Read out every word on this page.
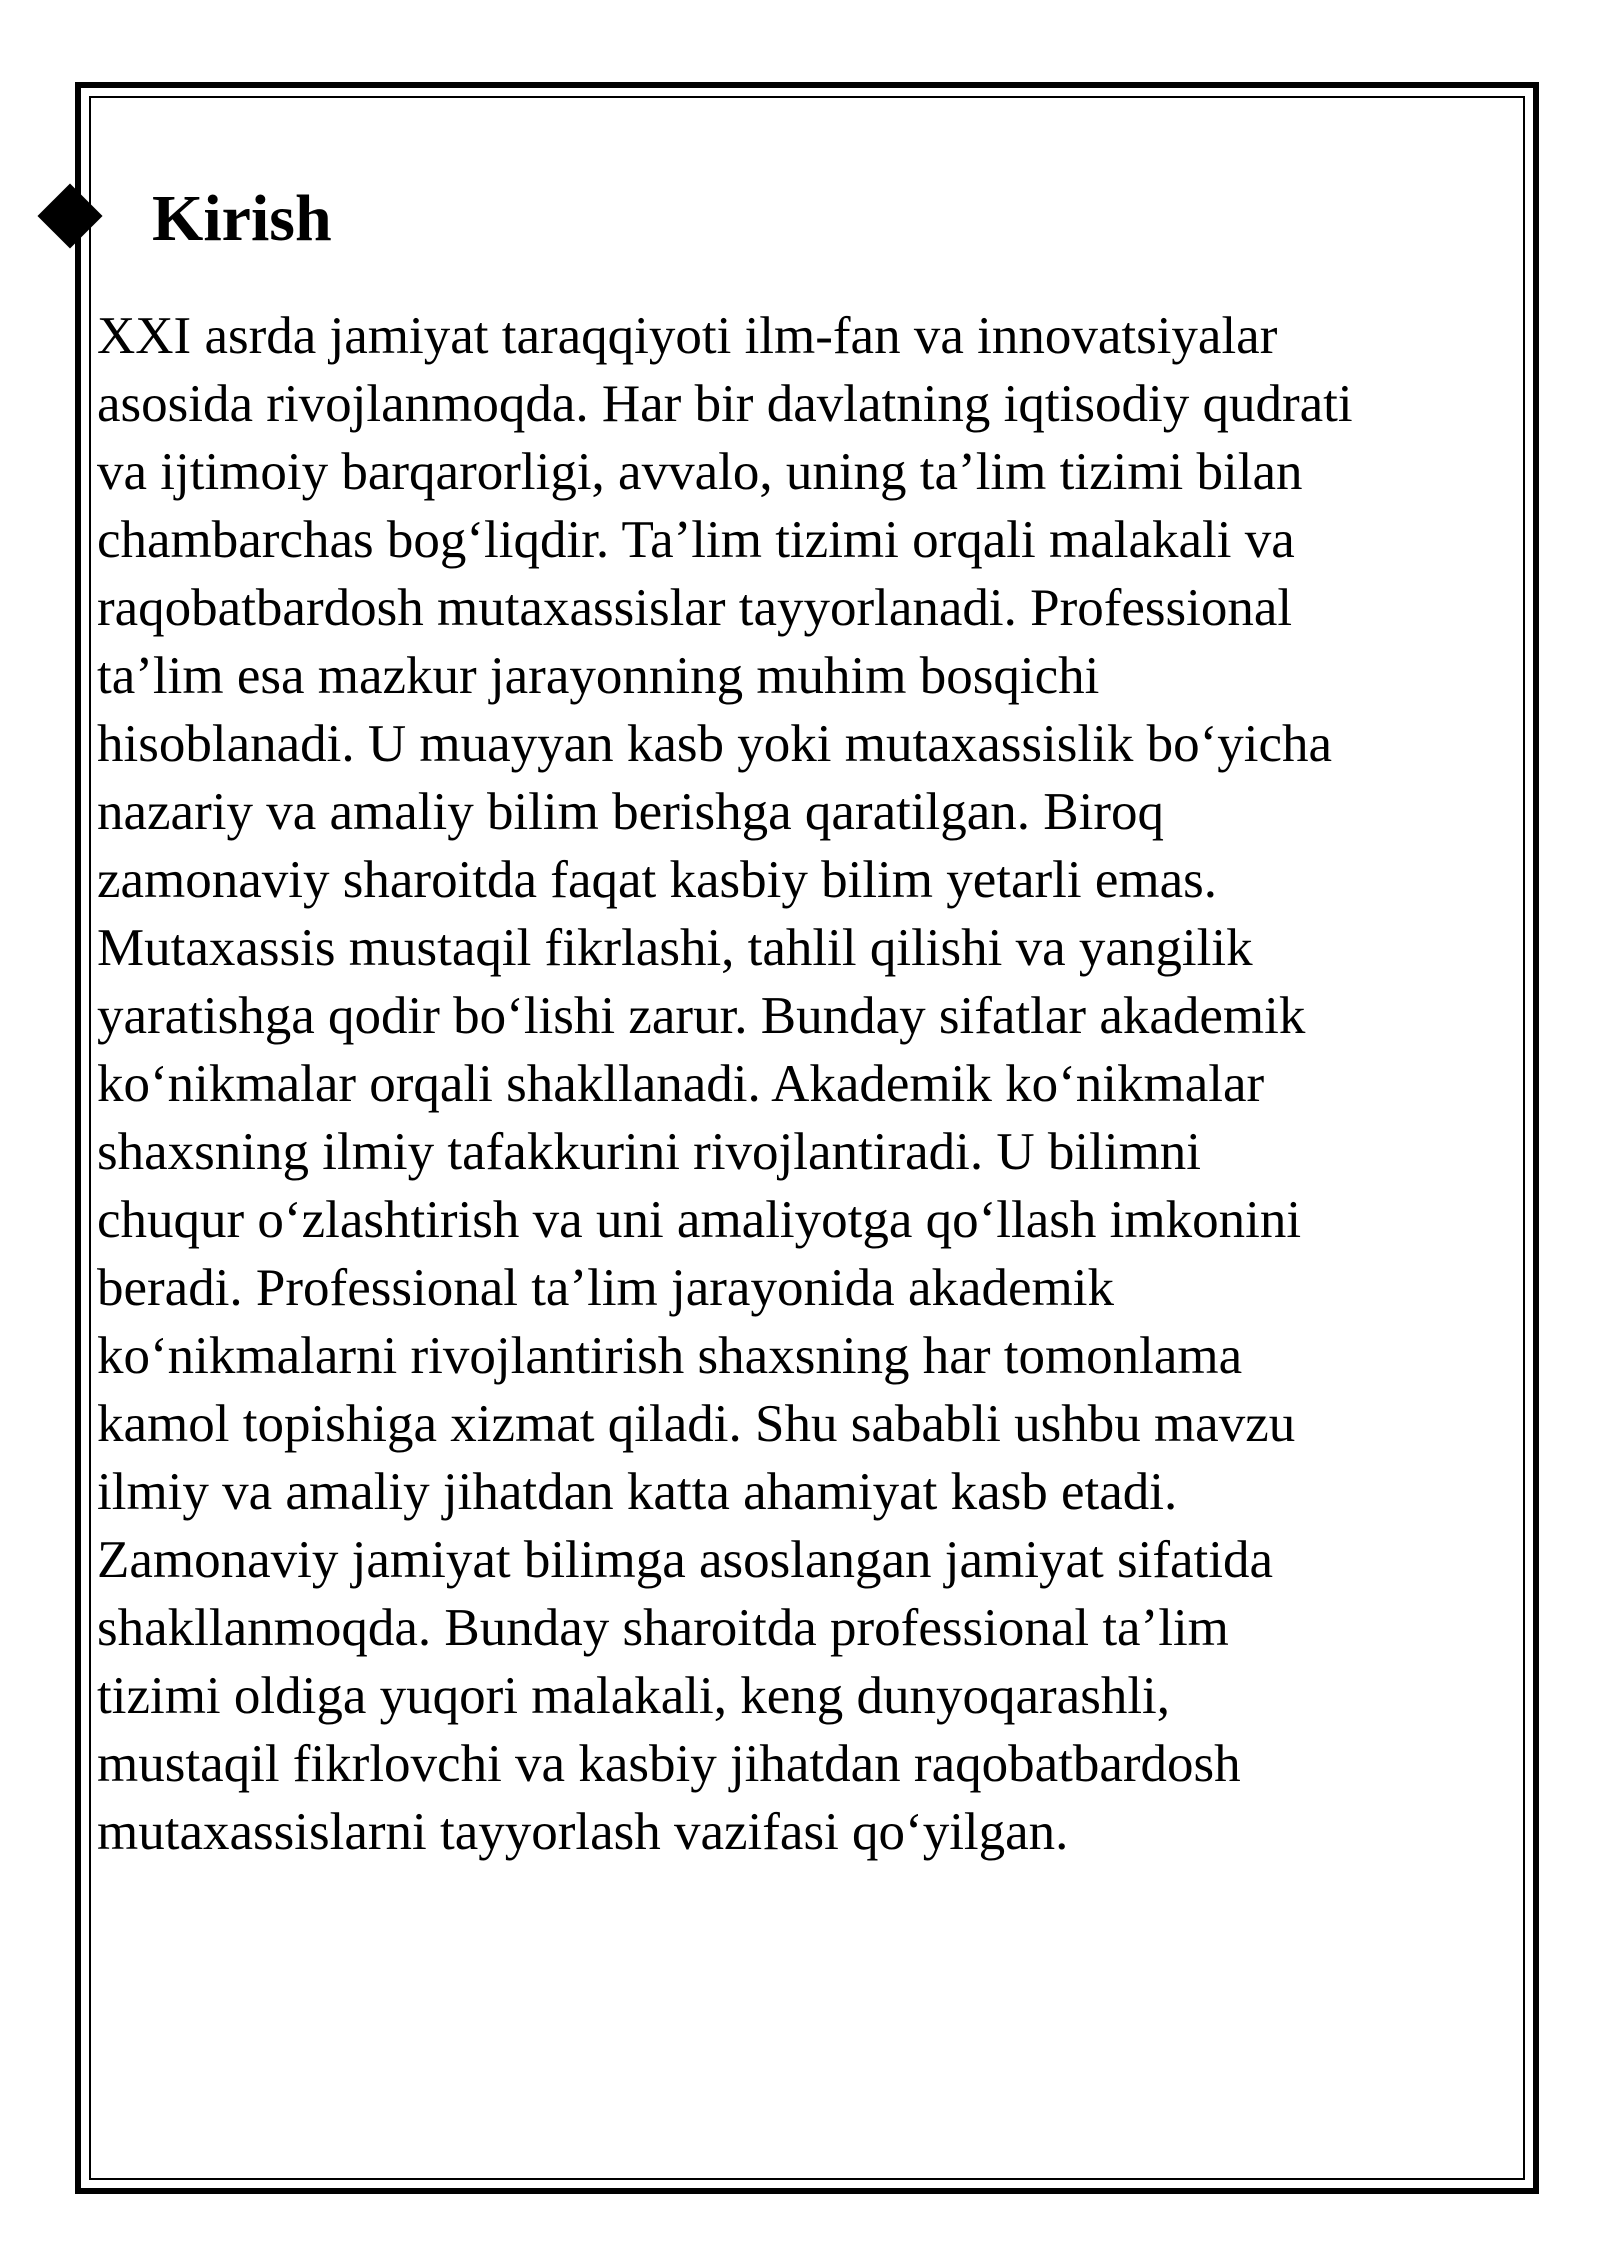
Kirish
XXI asrda jamiyat taraqqiyoti ilm-fan va innovatsiyalar
asosida rivojlanmoqda. Har bir davlatning iqtisodiy qudrati
va ijtimoiy barqarorligi, avvalo, uning ta’lim tizimi bilan
chambarchas bog‘liqdir. Ta’lim tizimi orqali malakali va
raqobatbardosh mutaxassislar tayyorlanadi. Professional
ta’lim esa mazkur jarayonning muhim bosqichi
hisoblanadi. U muayyan kasb yoki mutaxassislik bo‘yicha
nazariy va amaliy bilim berishga qaratilgan. Biroq
zamonaviy sharoitda faqat kasbiy bilim yetarli emas.
Mutaxassis mustaqil fikrlashi, tahlil qilishi va yangilik
yaratishga qodir bo‘lishi zarur. Bunday sifatlar akademik
ko‘nikmalar orqali shakllanadi. Akademik ko‘nikmalar
shaxsning ilmiy tafakkurini rivojlantiradi. U bilimni
chuqur o‘zlashtirish va uni amaliyotga qo‘llash imkonini
beradi. Professional ta’lim jarayonida akademik
ko‘nikmalarni rivojlantirish shaxsning har tomonlama
kamol topishiga xizmat qiladi. Shu sababli ushbu mavzu
ilmiy va amaliy jihatdan katta ahamiyat kasb etadi.
Zamonaviy jamiyat bilimga asoslangan jamiyat sifatida
shakllanmoqda. Bunday sharoitda professional ta’lim
tizimi oldiga yuqori malakali, keng dunyoqarashli,
mustaqil fikrlovchi va kasbiy jihatdan raqobatbardosh
mutaxassislarni tayyorlash vazifasi qo‘yilgan.
